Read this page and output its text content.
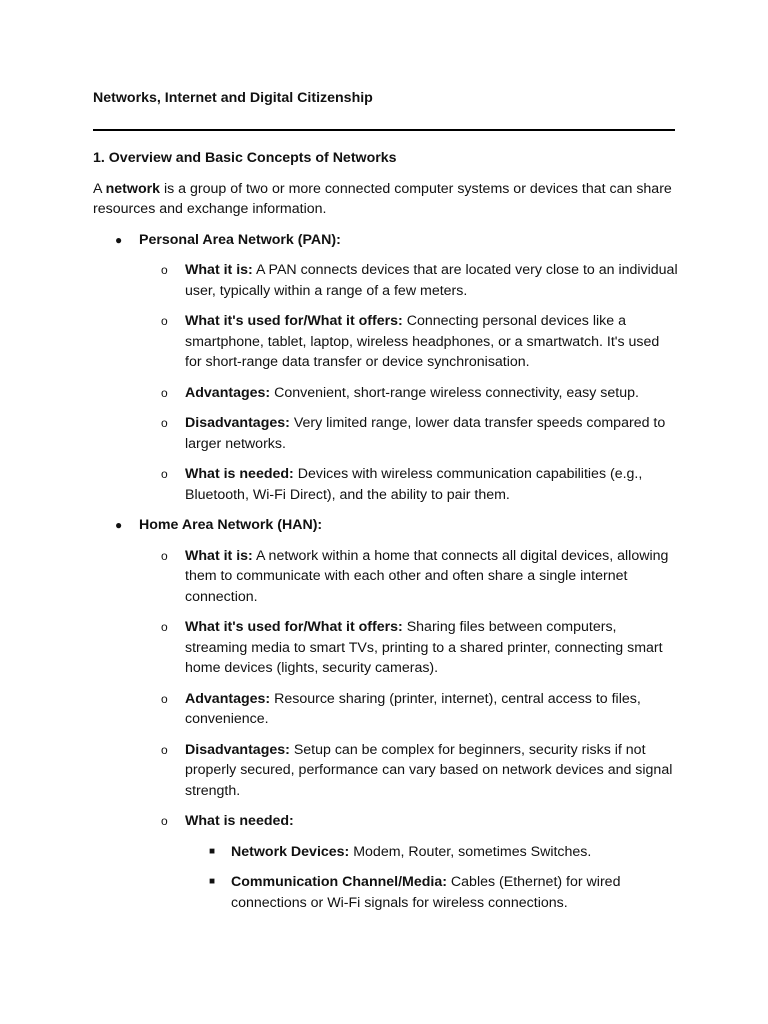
Networks, Internet and Digital Citizenship

1. Overview and Basic Concepts of Networks

A network is a group of two or more connected computer systems or devices that can share resources and exchange information.

● Personal Area Network (PAN):
o What it is: A PAN connects devices that are located very close to an individual user, typically within a range of a few meters.
o What it's used for/What it offers: Connecting personal devices like a smartphone, tablet, laptop, wireless headphones, or a smartwatch. It's used for short-range data transfer or device synchronisation.
o Advantages: Convenient, short-range wireless connectivity, easy setup.
o Disadvantages: Very limited range, lower data transfer speeds compared to larger networks.
o What is needed: Devices with wireless communication capabilities (e.g., Bluetooth, Wi-Fi Direct), and the ability to pair them.
● Home Area Network (HAN):
o What it is: A network within a home that connects all digital devices, allowing them to communicate with each other and often share a single internet connection.
o What it's used for/What it offers: Sharing files between computers, streaming media to smart TVs, printing to a shared printer, connecting smart home devices (lights, security cameras).
o Advantages: Resource sharing (printer, internet), central access to files, convenience.
o Disadvantages: Setup can be complex for beginners, security risks if not properly secured, performance can vary based on network devices and signal strength.
o What is needed:
■ Network Devices: Modem, Router, sometimes Switches.
■ Communication Channel/Media: Cables (Ethernet) for wired connections or Wi-Fi signals for wireless connections.
